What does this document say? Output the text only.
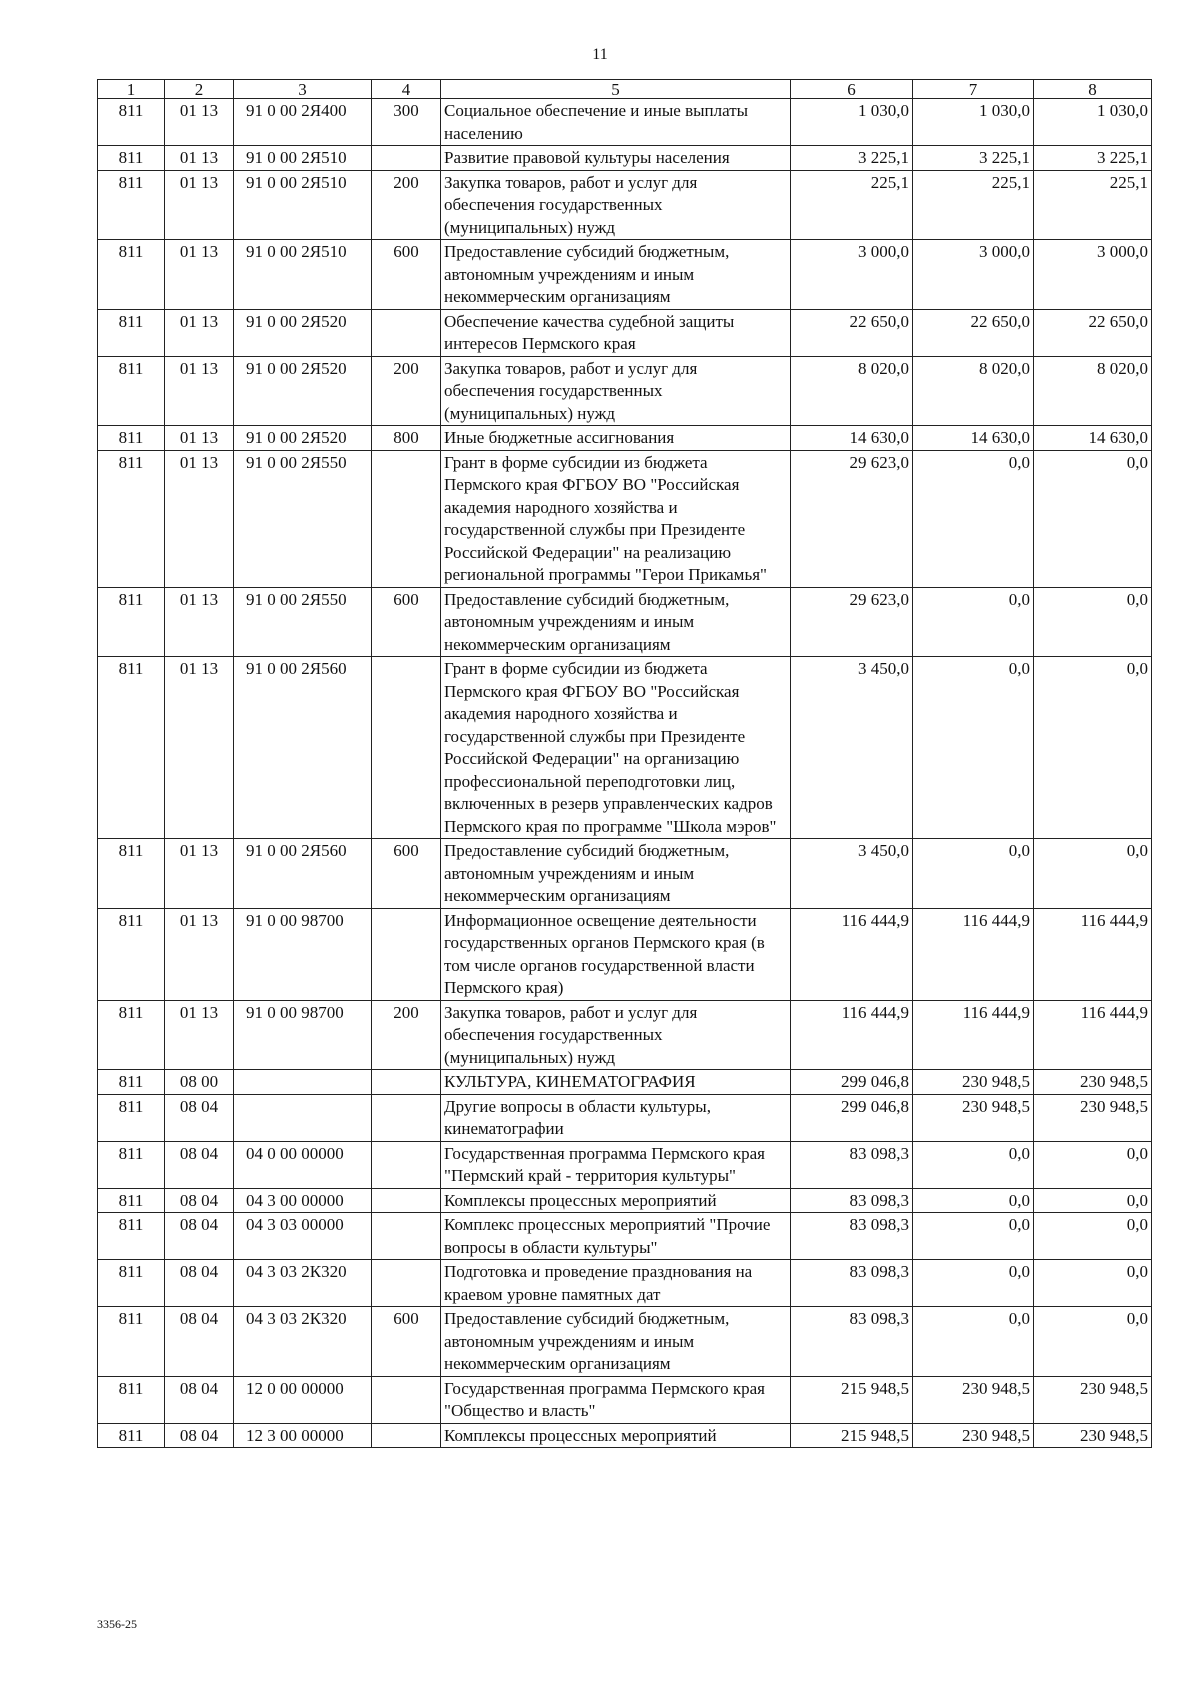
11
1	2	3	4	5	6	7	8
811	01 13	91 0 00 2Я400	300	Социальное обеспечение и иные выплаты населению	1 030,0	1 030,0	1 030,0
811	01 13	91 0 00 2Я510		Развитие правовой культуры населения	3 225,1	3 225,1	3 225,1
811	01 13	91 0 00 2Я510	200	Закупка товаров, работ и услуг для обеспечения государственных (муниципальных) нужд	225,1	225,1	225,1
811	01 13	91 0 00 2Я510	600	Предоставление субсидий бюджетным, автономным учреждениям и иным некоммерческим организациям	3 000,0	3 000,0	3 000,0
811	01 13	91 0 00 2Я520		Обеспечение качества судебной защиты интересов Пермского края	22 650,0	22 650,0	22 650,0
811	01 13	91 0 00 2Я520	200	Закупка товаров, работ и услуг для обеспечения государственных (муниципальных) нужд	8 020,0	8 020,0	8 020,0
811	01 13	91 0 00 2Я520	800	Иные бюджетные ассигнования	14 630,0	14 630,0	14 630,0
811	01 13	91 0 00 2Я550		Грант в форме субсидии из бюджета Пермского края ФГБОУ ВО "Российская академия народного хозяйства и государственной службы при Президенте Российской Федерации" на реализацию региональной программы "Герои Прикамья"	29 623,0	0,0	0,0
811	01 13	91 0 00 2Я550	600	Предоставление субсидий бюджетным, автономным учреждениям и иным некоммерческим организациям	29 623,0	0,0	0,0
811	01 13	91 0 00 2Я560		Грант в форме субсидии из бюджета Пермского края ФГБОУ ВО "Российская академия народного хозяйства и государственной службы при Президенте Российской Федерации" на организацию профессиональной переподготовки лиц, включенных в резерв управленческих кадров Пермского края по программе "Школа мэров"	3 450,0	0,0	0,0
811	01 13	91 0 00 2Я560	600	Предоставление субсидий бюджетным, автономным учреждениям и иным некоммерческим организациям	3 450,0	0,0	0,0
811	01 13	91 0 00 98700		Информационное освещение деятельности государственных органов Пермского края (в том числе органов государственной власти Пермского края)	116 444,9	116 444,9	116 444,9
811	01 13	91 0 00 98700	200	Закупка товаров, работ и услуг для обеспечения государственных (муниципальных) нужд	116 444,9	116 444,9	116 444,9
811	08 00			КУЛЬТУРА, КИНЕМАТОГРАФИЯ	299 046,8	230 948,5	230 948,5
811	08 04			Другие вопросы в области культуры, кинематографии	299 046,8	230 948,5	230 948,5
811	08 04	04 0 00 00000		Государственная программа Пермского края "Пермский край - территория культуры"	83 098,3	0,0	0,0
811	08 04	04 3 00 00000		Комплексы процессных мероприятий	83 098,3	0,0	0,0
811	08 04	04 3 03 00000		Комплекс процессных мероприятий "Прочие вопросы в области культуры"	83 098,3	0,0	0,0
811	08 04	04 3 03 2К320		Подготовка и проведение празднования на краевом уровне памятных дат	83 098,3	0,0	0,0
811	08 04	04 3 03 2К320	600	Предоставление субсидий бюджетным, автономным учреждениям и иным некоммерческим организациям	83 098,3	0,0	0,0
811	08 04	12 0 00 00000		Государственная программа Пермского края "Общество и власть"	215 948,5	230 948,5	230 948,5
811	08 04	12 3 00 00000		Комплексы процессных мероприятий	215 948,5	230 948,5	230 948,5
3356-25
